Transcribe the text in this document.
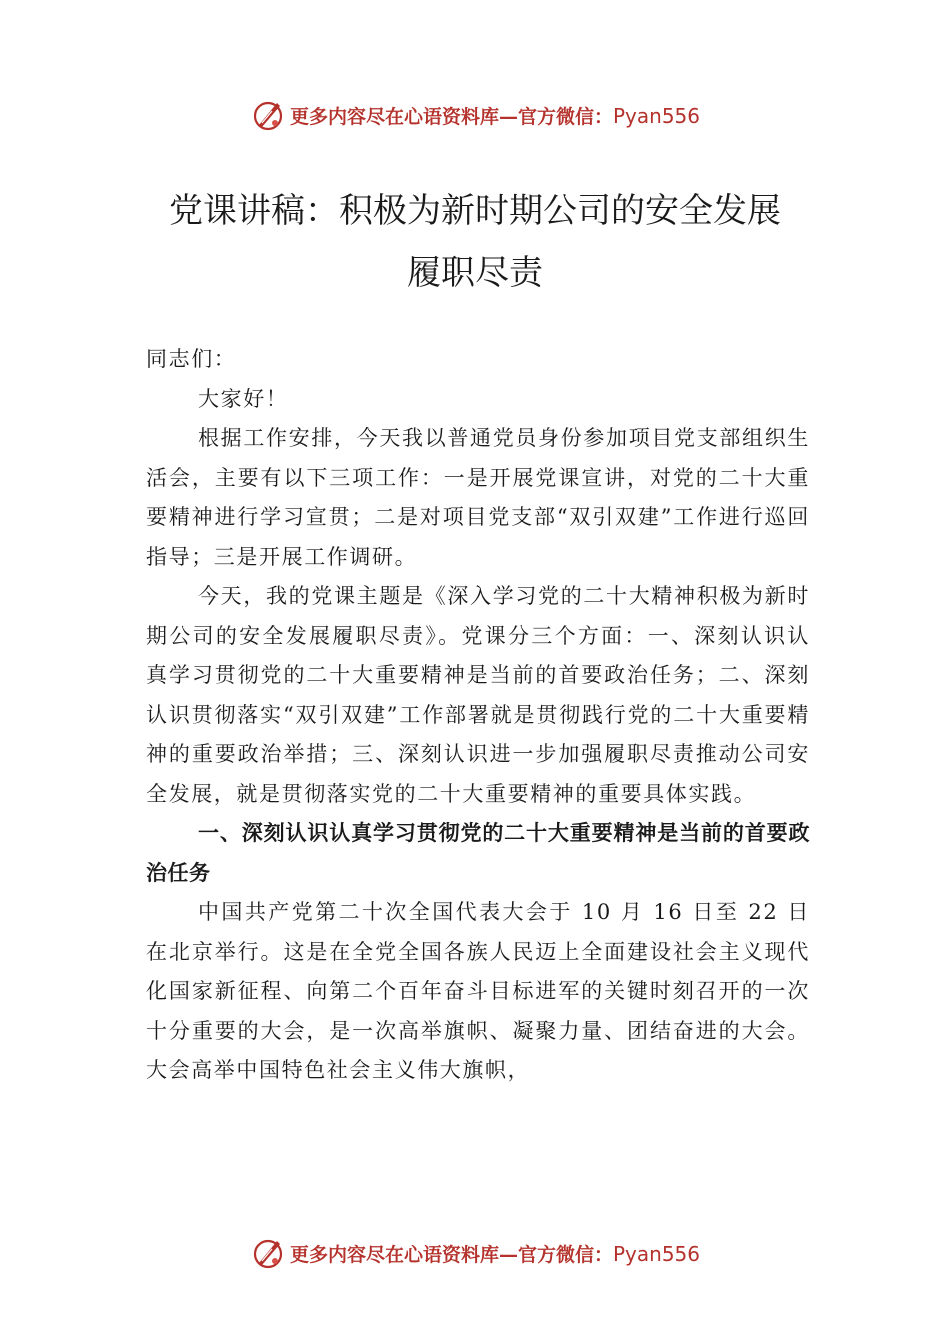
更多内容尽在心语资料库—官方微信：Pyan556
党课讲稿：积极为新时期公司的安全发展
履职尽责

同志们：

大家好！

根据工作安排，今天我以普通党员身份参加项目党支部组织生活会，主要有以下三项工作：一是开展党课宣讲，对党的二十大重要精神进行学习宣贯；二是对项目党支部“双引双建”工作进行巡回指导；三是开展工作调研。

今天，我的党课主题是《深入学习党的二十大精神积极为新时期公司的安全发展履职尽责》。党课分三个方面：一、深刻认识认真学习贯彻党的二十大重要精神是当前的首要政治任务；二、深刻认识贯彻落实“双引双建”工作部署就是贯彻践行党的二十大重要精神的重要政治举措；三、深刻认识进一步加强履职尽责推动公司安全发展，就是贯彻落实党的二十大重要精神的重要具体实践。

一、深刻认识认真学习贯彻党的二十大重要精神是当前的首要政治任务

中国共产党第二十次全国代表大会于 10 月 16 日至 22 日在北京举行。这是在全党全国各族人民迈上全面建设社会主义现代化国家新征程、向第二个百年奋斗目标进军的关键时刻召开的一次十分重要的大会，是一次高举旗帜、凝聚力量、团结奋进的大会。大会高举中国特色社会主义伟大旗帜，

更多内容尽在心语资料库—官方微信：Pyan556
